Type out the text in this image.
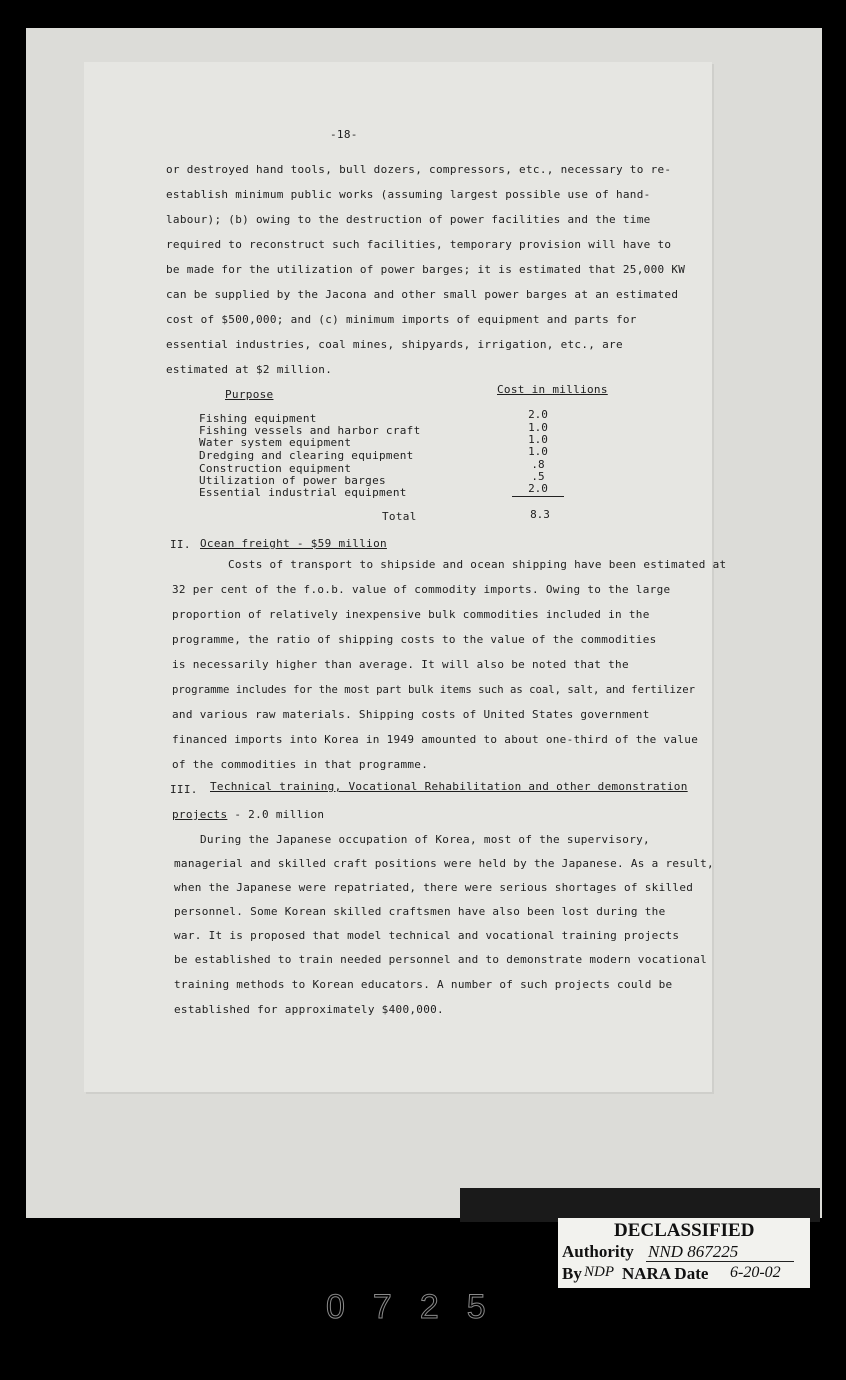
-18-
or destroyed hand tools, bull dozers, compressors, etc., necessary to re-
establish minimum public works (assuming largest possible use of hand-
labour); (b) owing to the destruction of power facilities and the time
required to reconstruct such facilities, temporary provision will have to
be made for the utilization of power barges; it is estimated that 25,000 KW
can be supplied by the Jacona and other small power barges at an estimated
cost of $500,000; and (c) minimum imports of equipment and parts for
essential industries, coal mines, shipyards, irrigation, etc., are
estimated at $2 million.
Purpose	Cost in millions
Fishing equipment	2.0
Fishing vessels and harbor craft	1.0
Water system equipment	1.0
Dredging and clearing equipment	1.0
Construction equipment	.8
Utilization of power barges	.5
Essential industrial equipment	2.0
Total	8.3
II. Ocean freight - $59 million
Costs of transport to shipside and ocean shipping have been estimated at
32 per cent of the f.o.b. value of commodity imports. Owing to the large
proportion of relatively inexpensive bulk commodities included in the
programme, the ratio of shipping costs to the value of the commodities
is necessarily higher than average. It will also be noted that the
programme includes for the most part bulk items such as coal, salt, and fertilizer
and various raw materials. Shipping costs of United States government
financed imports into Korea in 1949 amounted to about one-third of the value
of the commodities in that programme.
III. Technical training, Vocational Rehabilitation and other demonstration
projects - 2.0 million
During the Japanese occupation of Korea, most of the supervisory,
managerial and skilled craft positions were held by the Japanese. As a result,
when the Japanese were repatriated, there were serious shortages of skilled
personnel. Some Korean skilled craftsmen have also been lost during the
war. It is proposed that model technical and vocational training projects
be established to train needed personnel and to demonstrate modern vocational
training methods to Korean educators. A number of such projects could be
established for approximately $400,000.
DECLASSIFIED
Authority NND 867225
By NDP NARA Date 6-20-02
0725
